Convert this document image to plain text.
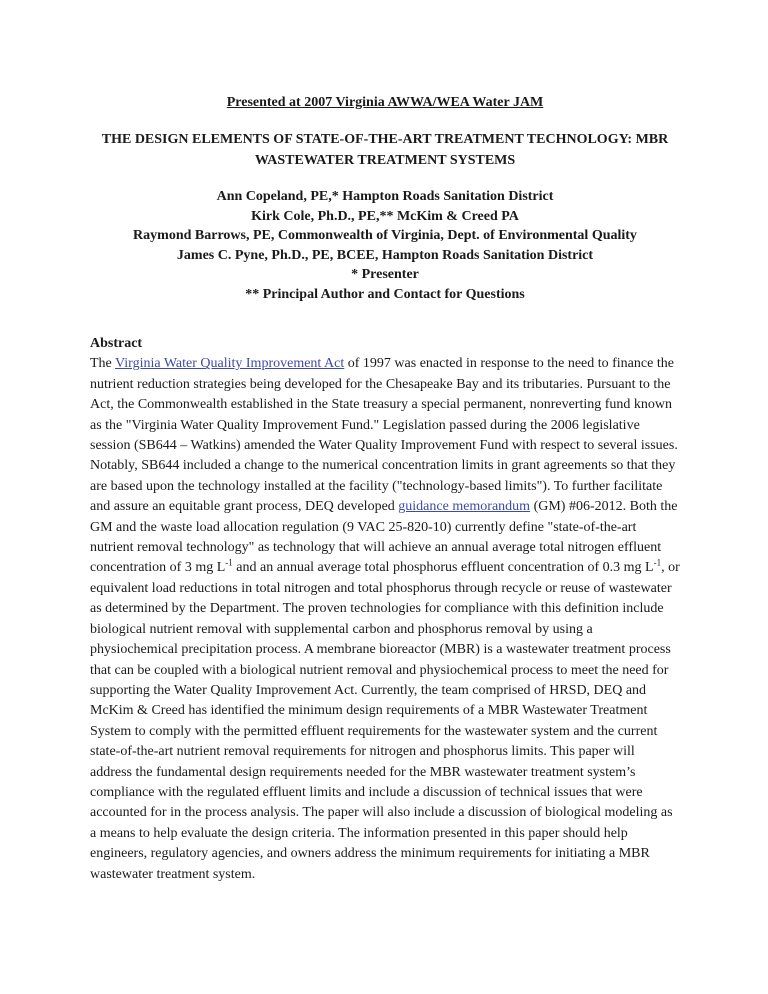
Presented at 2007 Virginia AWWA/WEA Water JAM
THE DESIGN ELEMENTS OF STATE-OF-THE-ART TREATMENT TECHNOLOGY: MBR WASTEWATER TREATMENT SYSTEMS
Ann Copeland, PE,* Hampton Roads Sanitation District
Kirk Cole, Ph.D., PE,** McKim & Creed PA
Raymond Barrows, PE, Commonwealth of Virginia, Dept. of Environmental Quality
James C. Pyne, Ph.D., PE, BCEE, Hampton Roads Sanitation District
* Presenter
** Principal Author and Contact for Questions
Abstract

The Virginia Water Quality Improvement Act of 1997 was enacted in response to the need to finance the nutrient reduction strategies being developed for the Chesapeake Bay and its tributaries. Pursuant to the Act, the Commonwealth established in the State treasury a special permanent, nonreverting fund known as the "Virginia Water Quality Improvement Fund." Legislation passed during the 2006 legislative session (SB644 – Watkins) amended the Water Quality Improvement Fund with respect to several issues. Notably, SB644 included a change to the numerical concentration limits in grant agreements so that they are based upon the technology installed at the facility ("technology-based limits"). To further facilitate and assure an equitable grant process, DEQ developed guidance memorandum (GM) #06-2012. Both the GM and the waste load allocation regulation (9 VAC 25-820-10) currently define "state-of-the-art nutrient removal technology" as technology that will achieve an annual average total nitrogen effluent concentration of 3 mg $L^{-1}$ and an annual average total phosphorus effluent concentration of 0.3 mg $L^{-1}$, or equivalent load reductions in total nitrogen and total phosphorus through recycle or reuse of wastewater as determined by the Department. The proven technologies for compliance with this definition include biological nutrient removal with supplemental carbon and phosphorus removal by using a physiochemical precipitation process. A membrane bioreactor (MBR) is a wastewater treatment process that can be coupled with a biological nutrient removal and physiochemical process to meet the need for supporting the Water Quality Improvement Act. Currently, the team comprised of HRSD, DEQ and McKim & Creed has identified the minimum design requirements of a MBR Wastewater Treatment System to comply with the permitted effluent requirements for the wastewater system and the current state-of-the-art nutrient removal requirements for nitrogen and phosphorus limits. This paper will address the fundamental design requirements needed for the MBR wastewater treatment system’s compliance with the regulated effluent limits and include a discussion of technical issues that were accounted for in the process analysis. The paper will also include a discussion of biological modeling as a means to help evaluate the design criteria. The information presented in this paper should help engineers, regulatory agencies, and owners address the minimum requirements for initiating a MBR wastewater treatment system.
